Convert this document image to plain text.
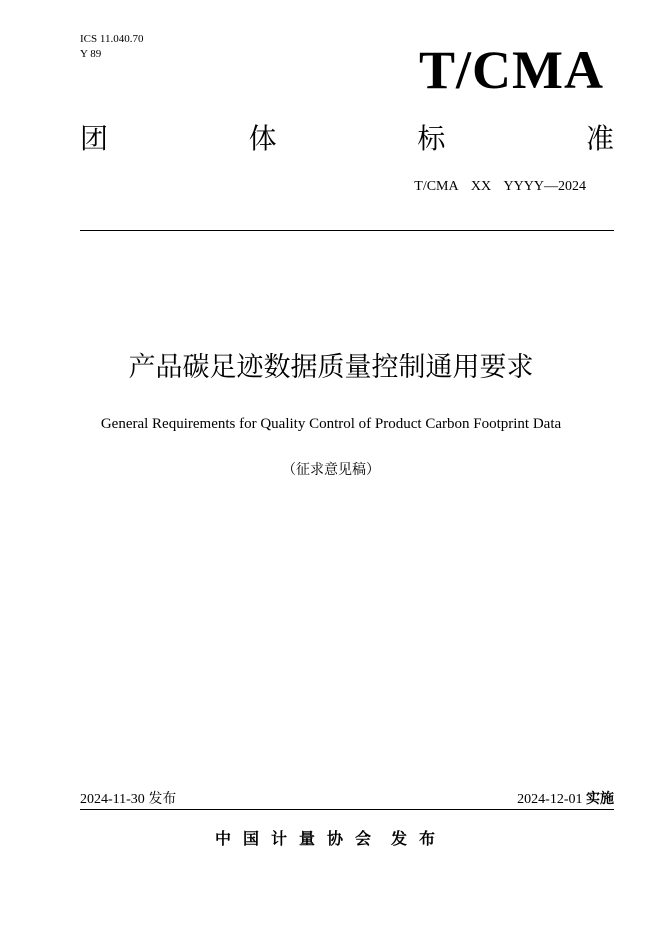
ICS 11.040.70
Y 89	T/CMA
团	体	标	准
T/CMA  XX  YYYY—2024
产品碳足迹数据质量控制通用要求
General Requirements for Quality Control of Product Carbon Footprint Data
（征求意见稿）
2024-11-30 发布	2024-12-01 实施
中国计量协会 发布
